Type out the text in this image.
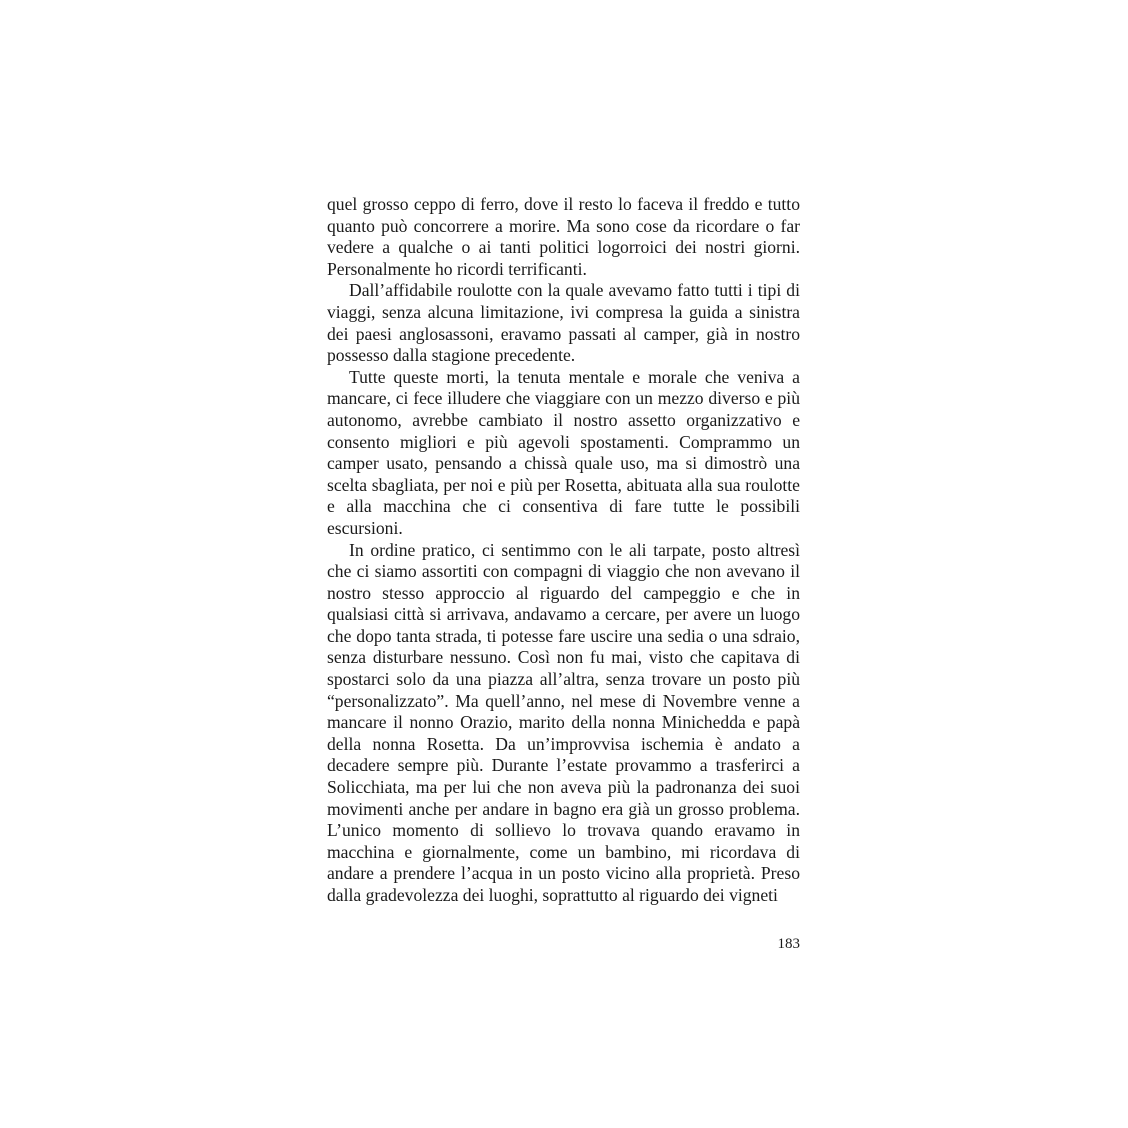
quel grosso ceppo di ferro, dove il resto lo faceva il freddo e tutto quanto può concorrere a morire. Ma sono cose da ricordare o far vedere a qualche o ai tanti politici logorroici dei nostri giorni. Personalmente ho ricordi terrificanti.

Dall’affidabile roulotte con la quale avevamo fatto tutti i tipi di viaggi, senza alcuna limitazione, ivi compresa la guida a sinistra dei paesi anglosassoni, eravamo passati al camper, già in nostro possesso dalla stagione precedente.

Tutte queste morti, la tenuta mentale e morale che veniva a mancare, ci fece illudere che viaggiare con un mezzo diverso e più autonomo, avrebbe cambiato il nostro assetto organizzativo e consento migliori e più agevoli spostamenti. Comprammo un camper usato, pensando a chissà quale uso, ma si dimostrò una scelta sbagliata, per noi e più per Rosetta, abituata alla sua roulotte e alla macchina che ci consentiva di fare tutte le possibili escursioni.

In ordine pratico, ci sentimmo con le ali tarpate, posto altresì che ci siamo assortiti con compagni di viaggio che non avevano il nostro stesso approccio al riguardo del campeggio e che in qualsiasi città si arrivava, andavamo a cercare, per avere un luogo che dopo tanta strada, ti potesse fare uscire una sedia o una sdraio, senza disturbare nessuno. Così non fu mai, visto che capitava di spostarci solo da una piazza all’altra, senza trovare un posto più “personalizzato”. Ma quell’anno, nel mese di Novembre venne a mancare il nonno Orazio, marito della nonna Minichedda e papà della nonna Rosetta. Da un’improvvisa ischemia è andato a decadere sempre più. Durante l’estate provammo a trasferirci a Solicchiata, ma per lui che non aveva più la padronanza dei suoi movimenti anche per andare in bagno era già un grosso problema. L’unico momento di sollievo lo trovava quando eravamo in macchina e giornalmente, come un bambino, mi ricordava di andare a prendere l’acqua in un posto vicino alla proprietà. Preso dalla gradevolezza dei luoghi, soprattutto al riguardo dei vigneti

183
